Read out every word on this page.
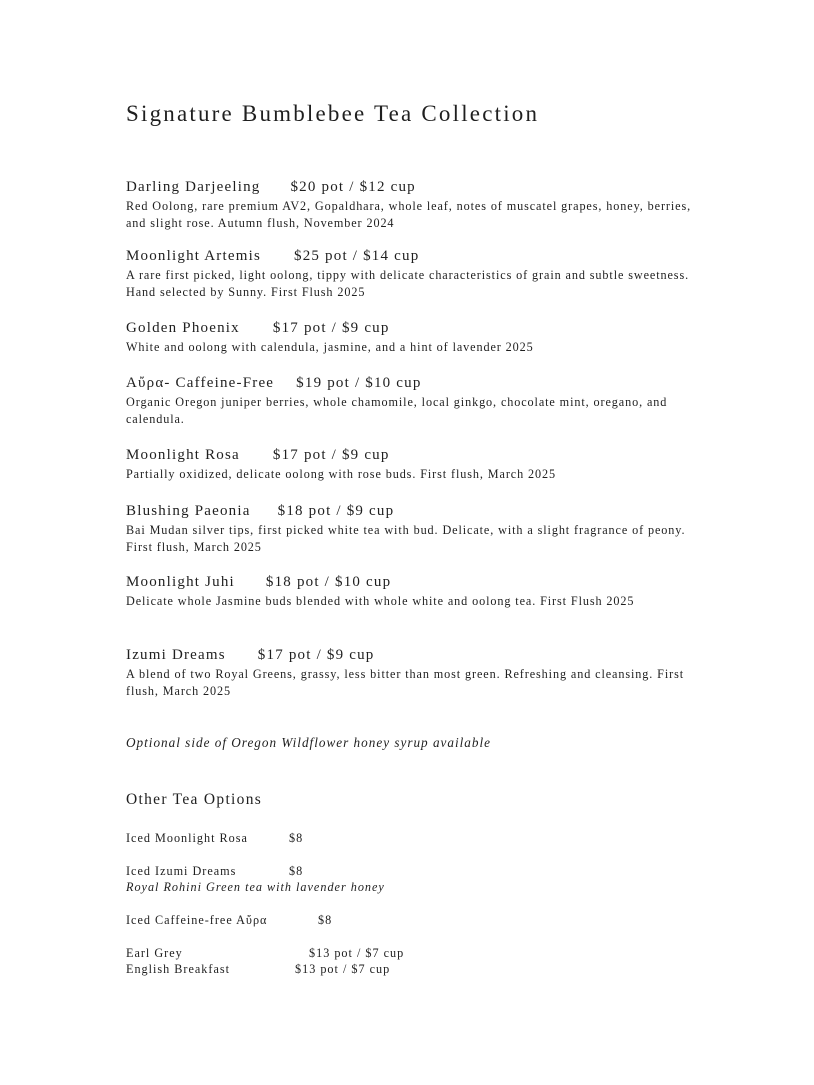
Signature Bumblebee Tea Collection
Darling Darjeeling $20 pot / $12 cup
Red Oolong, rare premium AV2, Gopaldhara, whole leaf, notes of muscatel grapes, honey, berries, and slight rose. Autumn flush, November 2024
Moonlight Artemis $25 pot / $14 cup
A rare first picked, light oolong, tippy with delicate characteristics of grain and subtle sweetness. Hand selected by Sunny. First Flush 2025
Golden Phoenix $17 pot / $9 cup
White and oolong with calendula, jasmine, and a hint of lavender 2025
Aὔρα- Caffeine-Free $19 pot / $10 cup
Organic Oregon juniper berries, whole chamomile, local ginkgo, chocolate mint, oregano, and calendula.
Moonlight Rosa $17 pot / $9 cup
Partially oxidized, delicate oolong with rose buds. First flush, March 2025
Blushing Paeonia $18 pot / $9 cup
Bai Mudan silver tips, first picked white tea with bud. Delicate, with a slight fragrance of peony. First flush, March 2025
Moonlight Juhi $18 pot / $10 cup
Delicate whole Jasmine buds blended with whole white and oolong tea. First Flush 2025
Izumi Dreams $17 pot / $9 cup
A blend of two Royal Greens, grassy, less bitter than most green. Refreshing and cleansing. First flush, March 2025
Optional side of Oregon Wildflower honey syrup available
Other Tea Options
Iced Moonlight Rosa	$8
Iced Izumi Dreams	$8
Royal Rohini Green tea with lavender honey
Iced Caffeine-free Aὔρα	$8
Earl Grey	$13 pot / $7 cup
English Breakfast	$13 pot / $7 cup
